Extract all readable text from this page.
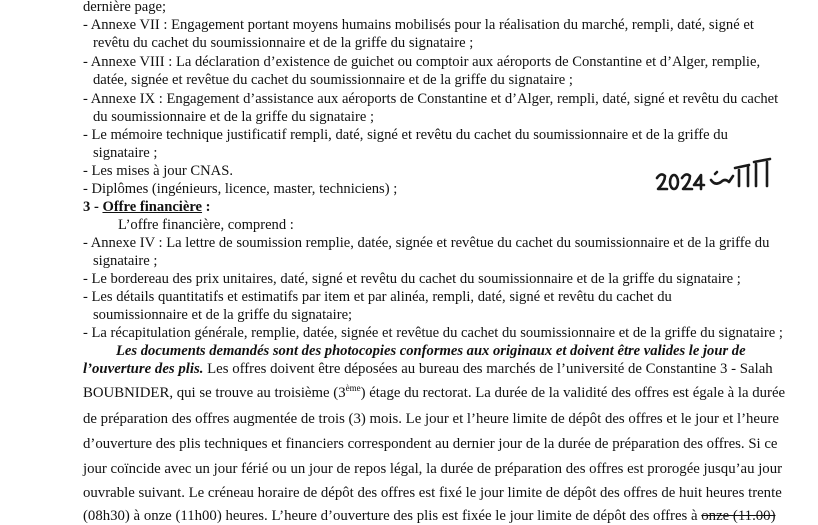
dernière page;
- Annexe VII : Engagement portant moyens humains mobilisés pour la réalisation du marché, rempli, daté, signé et
revêtu du cachet du soumissionnaire et de la griffe du signataire ;
- Annexe VIII : La déclaration d’existence de guichet ou comptoir aux aéroports de Constantine et d’Alger, remplie,
datée, signée et revêtue du cachet du soumissionnaire et de la griffe du signataire ;
- Annexe IX : Engagement d’assistance aux aéroports de Constantine et d’Alger, rempli, daté, signé et revêtu du cachet
du soumissionnaire et de la griffe du signataire ;
- Le mémoire technique justificatif rempli, daté, signé et revêtu du cachet du soumissionnaire et de la griffe du
signataire ;
- Les mises à jour CNAS.
- Diplômes (ingénieurs, licence, master, techniciens) ;
3 - Offre financière :
L’offre financière, comprend :
- Annexe IV : La lettre de soumission remplie, datée, signée et revêtue du cachet du soumissionnaire et de la griffe du
signataire ;
- Le bordereau des prix unitaires, daté, signé et revêtu du cachet du soumissionnaire et de la griffe du signataire ;
- Les détails quantitatifs et estimatifs par item et par alinéa, rempli, daté, signé et revêtu du cachet du
soumissionnaire et de la griffe du signataire;
- La récapitulation générale, remplie, datée, signée et revêtue du cachet du soumissionnaire et de la griffe du signataire ;
Les documents demandés sont des photocopies conformes aux originaux et doivent être valides le jour de
l’ouverture des plis. Les offres doivent être déposées au bureau des marchés de l’université de Constantine 3 - Salah
BOUBNIDER, qui se trouve au troisième (3ème) étage du rectorat. La durée de la validité des offres est égale à la durée
de préparation des offres augmentée de trois (3) mois. Le jour et l’heure limite de dépôt des offres et le jour et l’heure
d’ouverture des plis techniques et financiers correspondent au dernier jour de la durée de préparation des offres. Si ce
jour coïncide avec un jour férié ou un jour de repos légal, la durée de préparation des offres est prorogée jusqu’au jour
ouvrable suivant. Le créneau horaire de dépôt des offres est fixé le jour limite de dépôt des offres de huit heures trente
(08h30) à onze (11h00) heures. L’heure d’ouverture des plis est fixée le jour limite de dépôt des offres à onze (11.00)
